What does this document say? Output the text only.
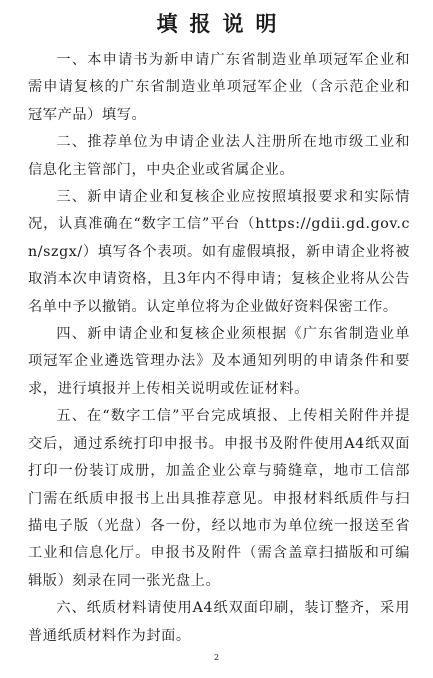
填报说明

一、本申请书为新申请广东省制造业单项冠军企业和需申请复核的广东省制造业单项冠军企业（含示范企业和冠军产品）填写。

二、推荐单位为申请企业法人注册所在地市级工业和信息化主管部门，中央企业或省属企业。

三、新申请企业和复核企业应按照填报要求和实际情况，认真准确在“数字工信”平台（https://gdii.gd.gov.cn/szgx/）填写各个表项。如有虚假填报，新申请企业将被取消本次申请资格，且3年内不得申请；复核企业将从公告名单中予以撤销。认定单位将为企业做好资料保密工作。

四、新申请企业和复核企业须根据《广东省制造业单项冠军企业遴选管理办法》及本通知列明的申请条件和要求，进行填报并上传相关说明或佐证材料。

五、在“数字工信”平台完成填报、上传相关附件并提交后，通过系统打印申报书。申报书及附件使用A4纸双面打印一份装订成册，加盖企业公章与骑缝章，地市工信部门需在纸质申报书上出具推荐意见。申报材料纸质件与扫描电子版（光盘）各一份，经以地市为单位统一报送至省工业和信息化厅。申报书及附件（需含盖章扫描版和可编辑版）刻录在同一张光盘上。

六、纸质材料请使用A4纸双面印刷，装订整齐，采用普通纸质材料作为封面。

2
